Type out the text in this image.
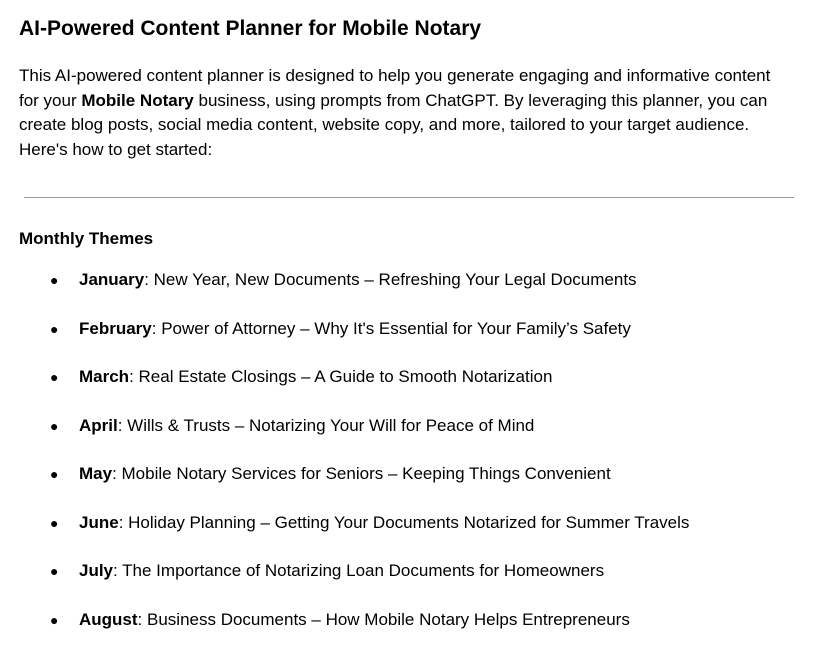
AI-Powered Content Planner for Mobile Notary

This AI-powered content planner is designed to help you generate engaging and informative content for your Mobile Notary business, using prompts from ChatGPT. By leveraging this planner, you can create blog posts, social media content, website copy, and more, tailored to your target audience. Here's how to get started:

Monthly Themes
● January: New Year, New Documents – Refreshing Your Legal Documents
● February: Power of Attorney – Why It's Essential for Your Family’s Safety
● March: Real Estate Closings – A Guide to Smooth Notarization
● April: Wills & Trusts – Notarizing Your Will for Peace of Mind
● May: Mobile Notary Services for Seniors – Keeping Things Convenient
● June: Holiday Planning – Getting Your Documents Notarized for Summer Travels
● July: The Importance of Notarizing Loan Documents for Homeowners
● August: Business Documents – How Mobile Notary Helps Entrepreneurs
